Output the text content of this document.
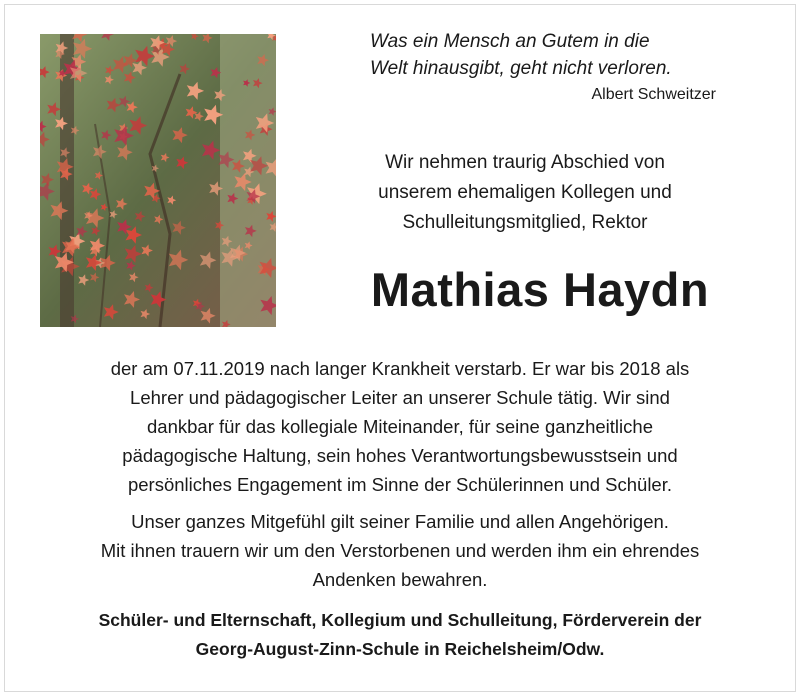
Was ein Mensch an Gutem in die
Welt hinausgibt, geht nicht verloren.
Albert Schweitzer
Wir nehmen traurig Abschied von
unserem ehemaligen Kollegen und
Schulleitungsmitglied, Rektor
Mathias Haydn
der am 07.11.2019 nach langer Krankheit verstarb. Er war bis 2018 als
Lehrer und pädagogischer Leiter an unserer Schule tätig. Wir sind
dankbar für das kollegiale Miteinander, für seine ganzheitliche
pädagogische Haltung, sein hohes Verantwortungsbewusstsein und
persönliches Engagement im Sinne der Schülerinnen und Schüler.
Unser ganzes Mitgefühl gilt seiner Familie und allen Angehörigen.
Mit ihnen trauern wir um den Verstorbenen und werden ihm ein ehrendes
Andenken bewahren.
Schüler- und Elternschaft, Kollegium und Schulleitung, Förderverein der
Georg-August-Zinn-Schule in Reichelsheim/Odw.
